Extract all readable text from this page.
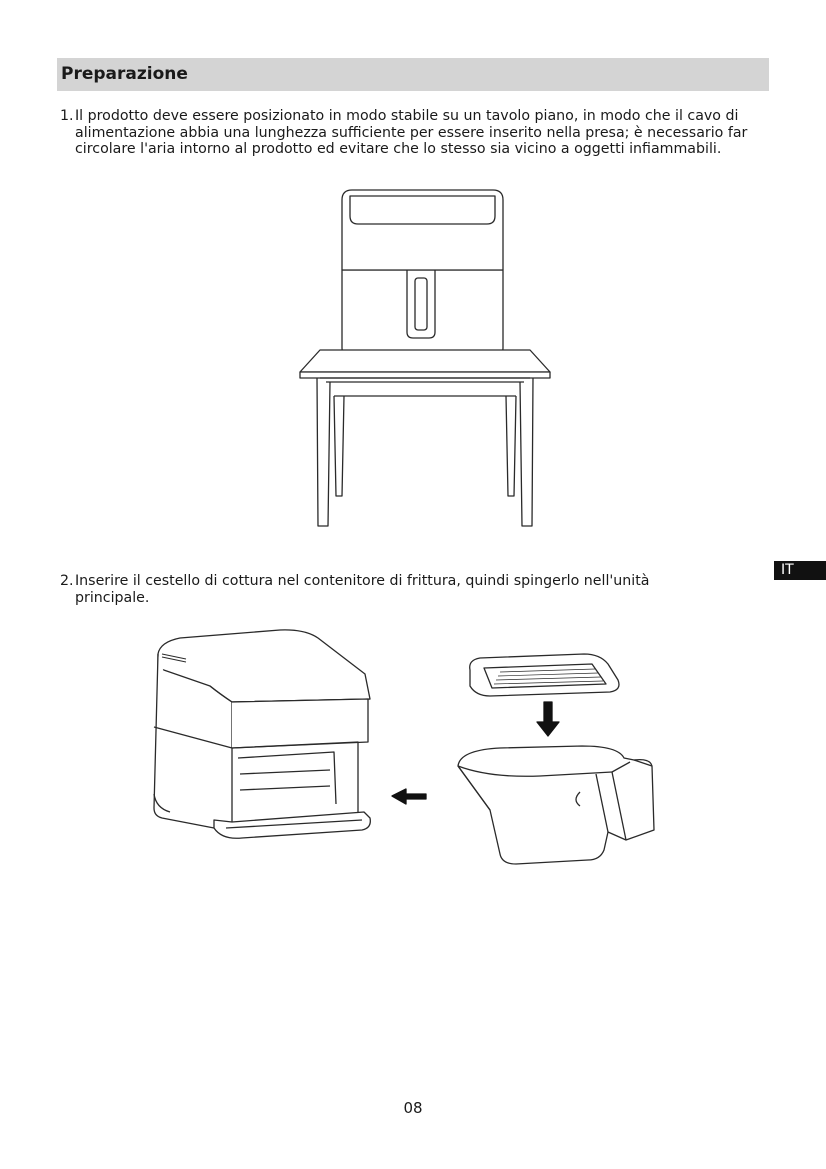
Preparazione
1. Il prodotto deve essere posizionato in modo stabile su un tavolo piano, in modo che il cavo di alimentazione abbia una lunghezza sufficiente per essere inserito nella presa; è necessario far circolare l'aria intorno al prodotto ed evitare che lo stesso sia vicino a oggetti infiammabili.
2. Inserire il cestello di cottura nel contenitore di frittura, quindi spingerlo nell'unità principale.
IT
08
